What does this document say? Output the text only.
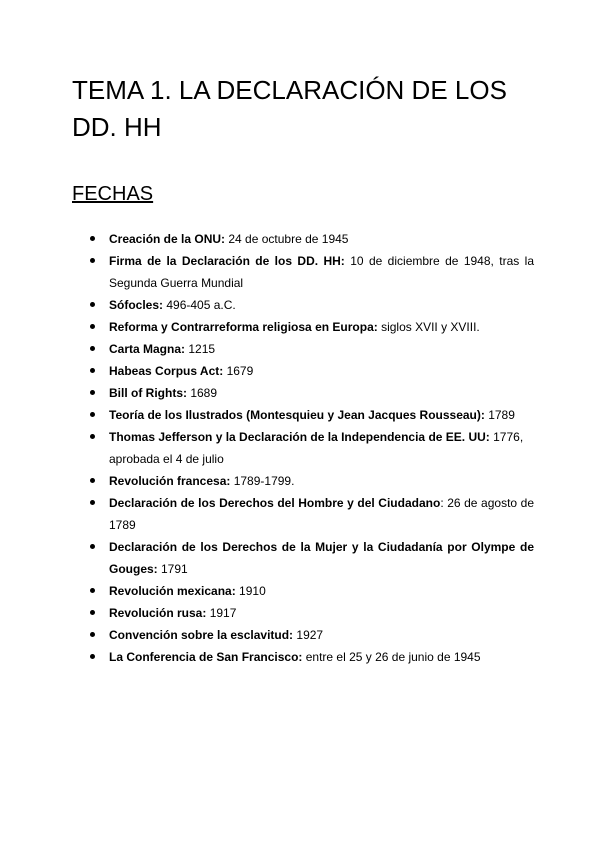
TEMA 1. LA DECLARACIÓN DE LOS DD. HH
FECHAS
Creación de la ONU: 24 de octubre de 1945
Firma de la Declaración de los DD. HH: 10 de diciembre de 1948, tras la Segunda Guerra Mundial
Sófocles: 496-405 a.C.
Reforma y Contrarreforma religiosa en Europa: siglos XVII y XVIII.
Carta Magna: 1215
Habeas Corpus Act: 1679
Bill of Rights: 1689
Teoría de los Ilustrados (Montesquieu y Jean Jacques Rousseau): 1789
Thomas Jefferson y la Declaración de la Independencia de EE. UU: 1776, aprobada el 4 de julio
Revolución francesa: 1789-1799.
Declaración de los Derechos del Hombre y del Ciudadano: 26 de agosto de 1789
Declaración de los Derechos de la Mujer y la Ciudadanía por Olympe de Gouges: 1791
Revolución mexicana: 1910
Revolución rusa: 1917
Convención sobre la esclavitud: 1927
La Conferencia de San Francisco: entre el 25 y 26 de junio de 1945
